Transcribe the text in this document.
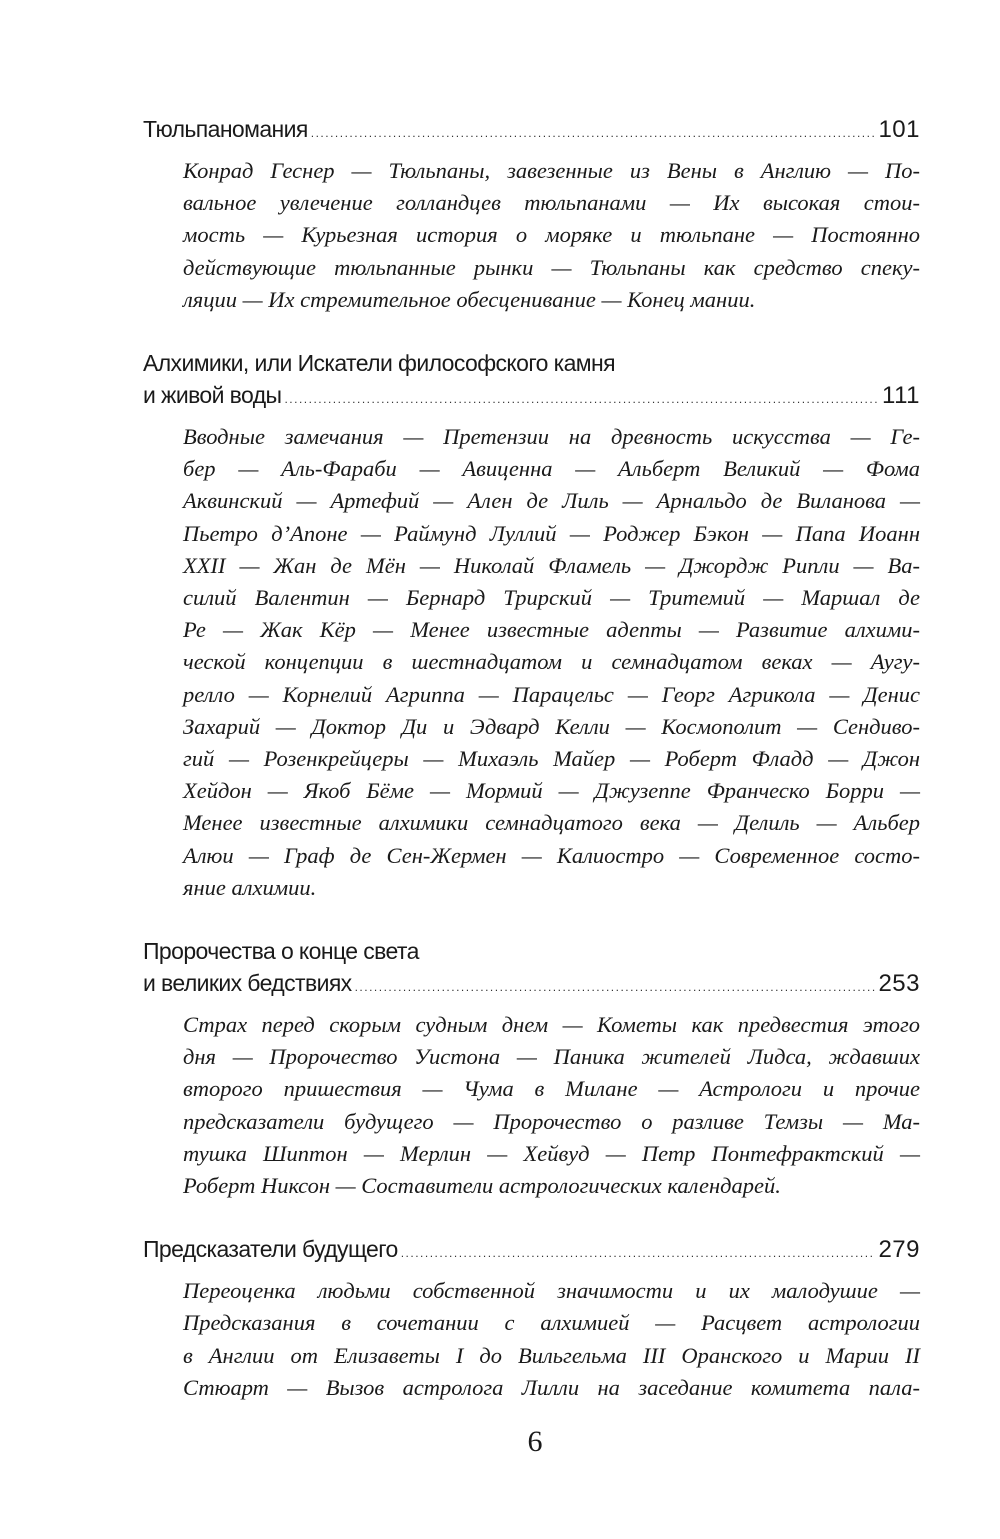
Тюльпаномания .....	101
Конрад Геснер — Тюльпаны, завезенные из Вены в Англию — По-
вальное увлечение голландцев тюльпанами — Их высокая стои-
мость — Курьезная история о моряке и тюльпане — Постоянно
действующие тюльпанные рынки — Тюльпаны как средство спеку-
ляции — Их стремительное обесценивание — Конец мании.
Алхимики, или Искатели философского камня
и живой воды .....	111
Вводные замечания — Претензии на древность искусства — Ге-
бер — Аль-Фараби — Авиценна — Альберт Великий — Фома
Аквинский — Артефий — Ален де Лиль — Арнальдо де Виланова —
Пьетро д’Апоне — Раймунд Луллий — Роджер Бэкон — Папа Иоанн
XXII — Жан де Мён — Николай Фламель — Джордж Рипли — Ва-
силий Валентин — Бернард Трирский — Тритемий — Маршал де
Ре — Жак Кёр — Менее известные адепты — Развитие алхими-
ческой концепции в шестнадцатом и семнадцатом веках — Аугу-
релло — Корнелий Агриппа — Парацельс — Георг Агрикола — Денис
Захарий — Доктор Ди и Эдвард Келли — Космополит — Сендиво-
гий — Розенкрейцеры — Михаэль Майер — Роберт Фладд — Джон
Хейдон — Якоб Бёме — Мормий — Джузеппе Франческо Борри —
Менее известные алхимики семнадцатого века — Делиль — Альбер
Алюи — Граф де Сен-Жермен — Калиостро — Современное состо-
яние алхимии.
Пророчества о конце света
и великих бедствиях .....	253
Страх перед скорым судным днем — Кометы как предвестия этого
дня — Пророчество Уистона — Паника жителей Лидса, ждавших
второго пришествия — Чума в Милане — Астрологи и прочие
предсказатели будущего — Пророчество о разливе Темзы — Ма-
тушка Шиптон — Мерлин — Хейвуд — Петр Понтефрактский —
Роберт Никсон — Составители астрологических календарей.
Предсказатели будущего .....	279
Переоценка людьми собственной значимости и их малодушие —
Предсказания в сочетании с алхимией — Расцвет астрологии
в Англии от Елизаветы I до Вильгельма III Оранского и Марии II
Стюарт — Вызов астролога Лилли на заседание комитета пала-
6
